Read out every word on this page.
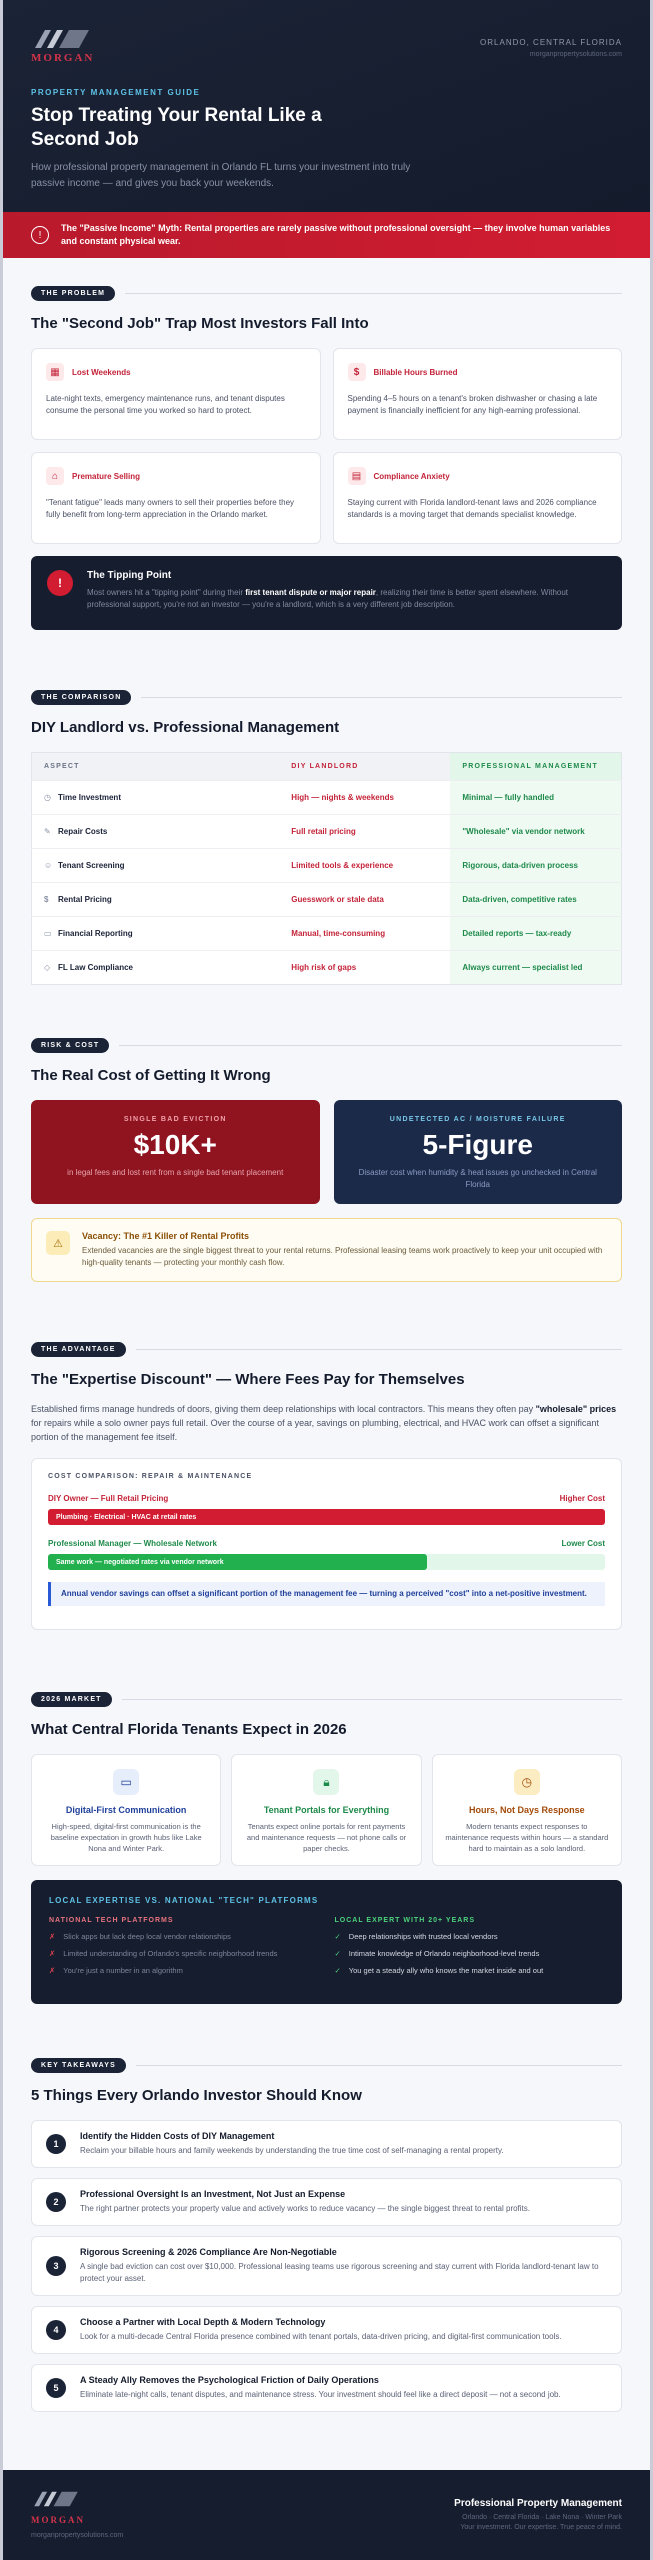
MORGAN
ORLANDO, CENTRAL FLORIDA
morganpropertysolutions.com
PROPERTY MANAGEMENT GUIDE
Stop Treating Your Rental Like a Second Job
How professional property management in Orlando FL turns your investment into truly passive income — and gives you back your weekends.
!
The "Passive Income" Myth: Rental properties are rarely passive without professional oversight — they involve human variables and constant physical wear.
THE PROBLEM
The "Second Job" Trap Most Investors Fall Into
▦	Lost Weekends
Late-night texts, emergency maintenance runs, and tenant disputes consume the personal time you worked so hard to protect.
$	Billable Hours Burned
Spending 4–5 hours on a tenant's broken dishwasher or chasing a late payment is financially inefficient for any high-earning professional.
⌂	Premature Selling
"Tenant fatigue" leads many owners to sell their properties before they fully benefit from long-term appreciation in the Orlando market.
▤	Compliance Anxiety
Staying current with Florida landlord-tenant laws and 2026 compliance standards is a moving target that demands specialist knowledge.
!
The Tipping Point
Most owners hit a "tipping point" during their first tenant dispute or major repair, realizing their time is better spent elsewhere. Without professional support, you're not an investor — you're a landlord, which is a very different job description.
THE COMPARISON
DIY Landlord vs. Professional Management
ASPECT	DIY LANDLORD	PROFESSIONAL MANAGEMENT
◷ Time Investment	High — nights & weekends	Minimal — fully handled
✎ Repair Costs	Full retail pricing	"Wholesale" via vendor network
☺ Tenant Screening	Limited tools & experience	Rigorous, data-driven process
$ Rental Pricing	Guesswork or stale data	Data-driven, competitive rates
▭ Financial Reporting	Manual, time-consuming	Detailed reports — tax-ready
◇ FL Law Compliance	High risk of gaps	Always current — specialist led
RISK & COST
The Real Cost of Getting It Wrong
SINGLE BAD EVICTION
$10K+
in legal fees and lost rent from a single bad tenant placement
UNDETECTED AC / MOISTURE FAILURE
5-Figure
Disaster cost when humidity & heat issues go unchecked in Central Florida
⚠
Vacancy: The #1 Killer of Rental Profits
Extended vacancies are the single biggest threat to your rental returns. Professional leasing teams work proactively to keep your unit occupied with high-quality tenants — protecting your monthly cash flow.
THE ADVANTAGE
The "Expertise Discount" — Where Fees Pay for Themselves
Established firms manage hundreds of doors, giving them deep relationships with local contractors. This means they often pay "wholesale" prices for repairs while a solo owner pays full retail. Over the course of a year, savings on plumbing, electrical, and HVAC work can offset a significant portion of the management fee itself.
COST COMPARISON: REPAIR & MAINTENANCE
DIY Owner — Full Retail Pricing	Higher Cost
Plumbing · Electrical · HVAC at retail rates
Professional Manager — Wholesale Network	Lower Cost
Same work — negotiated rates via vendor network
Annual vendor savings can offset a significant portion of the management fee — turning a perceived "cost" into a net-positive investment.
2026 MARKET
What Central Florida Tenants Expect in 2026
▭
Digital-First Communication
High-speed, digital-first communication is the baseline expectation in growth hubs like Lake Nona and Winter Park.
🔒︎
Tenant Portals for Everything
Tenants expect online portals for rent payments and maintenance requests — not phone calls or paper checks.
◷
Hours, Not Days Response
Modern tenants expect responses to maintenance requests within hours — a standard hard to maintain as a solo landlord.
LOCAL EXPERTISE VS. NATIONAL "TECH" PLATFORMS
NATIONAL TECH PLATFORMS
✗ Slick apps but lack deep local vendor relationships
✗ Limited understanding of Orlando's specific neighborhood trends
✗ You're just a number in an algorithm
LOCAL EXPERT WITH 20+ YEARS
✓ Deep relationships with trusted local vendors
✓ Intimate knowledge of Orlando neighborhood-level trends
✓ You get a steady ally who knows the market inside and out
KEY TAKEAWAYS
5 Things Every Orlando Investor Should Know
1
Identify the Hidden Costs of DIY Management
Reclaim your billable hours and family weekends by understanding the true time cost of self-managing a rental property.
2
Professional Oversight Is an Investment, Not Just an Expense
The right partner protects your property value and actively works to reduce vacancy — the single biggest threat to rental profits.
3
Rigorous Screening & 2026 Compliance Are Non-Negotiable
A single bad eviction can cost over $10,000. Professional leasing teams use rigorous screening and stay current with Florida landlord-tenant law to protect your asset.
4
Choose a Partner with Local Depth & Modern Technology
Look for a multi-decade Central Florida presence combined with tenant portals, data-driven pricing, and digital-first communication tools.
5
A Steady Ally Removes the Psychological Friction of Daily Operations
Eliminate late-night calls, tenant disputes, and maintenance stress. Your investment should feel like a direct deposit — not a second job.
MORGAN
morganpropertysolutions.com
Professional Property Management
Orlando · Central Florida · Lake Nona · Winter Park
Your investment. Our expertise. True peace of mind.
